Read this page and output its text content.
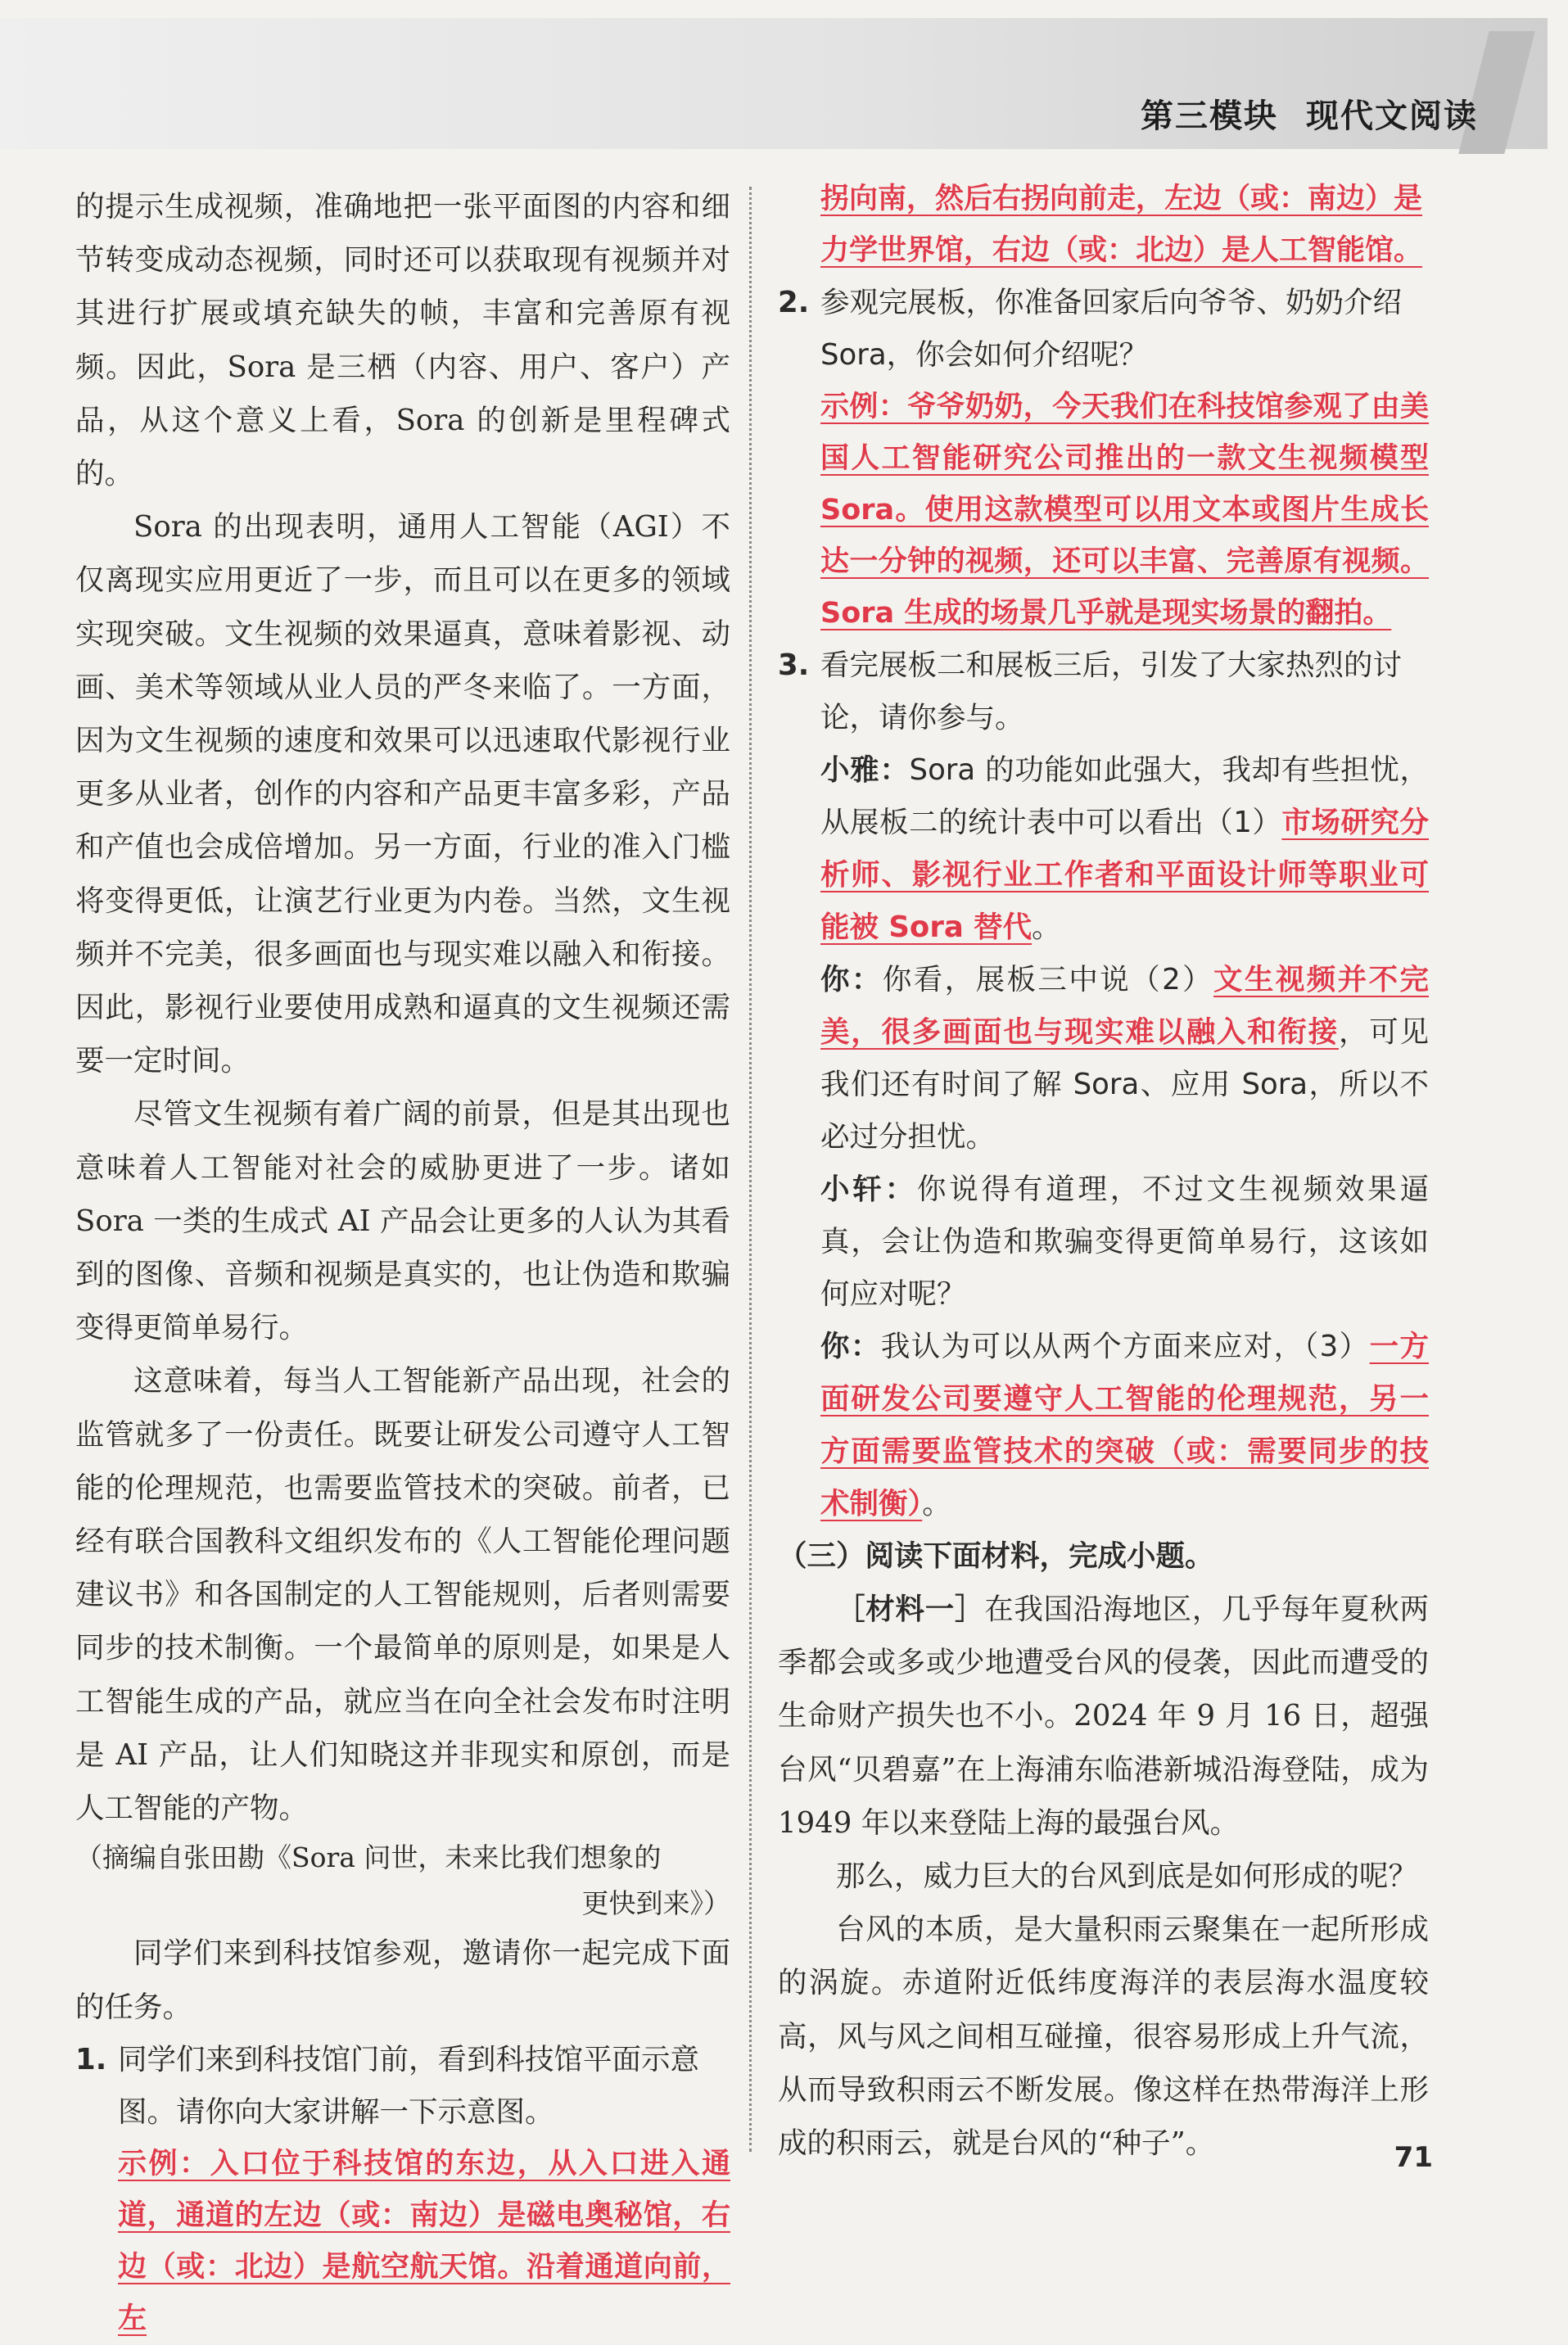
第三模块 现代文阅读

的提示生成视频，准确地把一张平面图的内容和细节转变成动态视频，同时还可以获取现有视频并对其进行扩展或填充缺失的帧，丰富和完善原有视频。因此，Sora 是三栖（内容、用户、客户）产品，从这个意义上看，Sora 的创新是里程碑式的。

Sora 的出现表明，通用人工智能（AGI）不仅离现实应用更近了一步，而且可以在更多的领域实现突破。文生视频的效果逼真，意味着影视、动画、美术等领域从业人员的严冬来临了。一方面，因为文生视频的速度和效果可以迅速取代影视行业更多从业者，创作的内容和产品更丰富多彩，产品和产值也会成倍增加。另一方面，行业的准入门槛将变得更低，让演艺行业更为内卷。当然，文生视频并不完美，很多画面也与现实难以融入和衔接。因此，影视行业要使用成熟和逼真的文生视频还需要一定时间。

尽管文生视频有着广阔的前景，但是其出现也意味着人工智能对社会的威胁更进了一步。诸如 Sora 一类的生成式 AI 产品会让更多的人认为其看到的图像、音频和视频是真实的，也让伪造和欺骗变得更简单易行。

这意味着，每当人工智能新产品出现，社会的监管就多了一份责任。既要让研发公司遵守人工智能的伦理规范，也需要监管技术的突破。前者，已经有联合国教科文组织发布的《人工智能伦理问题建议书》和各国制定的人工智能规则，后者则需要同步的技术制衡。一个最简单的原则是，如果是人工智能生成的产品，就应当在向全社会发布时注明是 AI 产品，让人们知晓这并非现实和原创，而是人工智能的产物。

（摘编自张田勘《Sora 问世，未来比我们想象的

更快到来》）

同学们来到科技馆参观，邀请你一起完成下面的任务。

1. 同学们来到科技馆门前，看到科技馆平面示意图。请你向大家讲解一下示意图。

示例：入口位于科技馆的东边，从入口进入通道，通道的左边（或：南边）是磁电奥秘馆，右边（或：北边）是航空航天馆。沿着通道向前，左

拐向南，然后右拐向前走，左边（或：南边）是力学世界馆，右边（或：北边）是人工智能馆。

2. 参观完展板，你准备回家后向爷爷、奶奶介绍 Sora，你会如何介绍呢？

示例：爷爷奶奶，今天我们在科技馆参观了由美国人工智能研究公司推出的一款文生视频模型 Sora。使用这款模型可以用文本或图片生成长达一分钟的视频，还可以丰富、完善原有视频。Sora 生成的场景几乎就是现实场景的翻拍。

3. 看完展板二和展板三后，引发了大家热烈的讨论，请你参与。

小雅：Sora 的功能如此强大，我却有些担忧，从展板二的统计表中可以看出（1）市场研究分析师、影视行业工作者和平面设计师等职业可能被 Sora 替代。

你：你看，展板三中说（2）文生视频并不完美，很多画面也与现实难以融入和衔接，可见我们还有时间了解 Sora、应用 Sora，所以不必过分担忧。

小轩：你说得有道理，不过文生视频效果逼真，会让伪造和欺骗变得更简单易行，这该如何应对呢？

你：我认为可以从两个方面来应对，（3）一方面研发公司要遵守人工智能的伦理规范，另一方面需要监管技术的突破（或：需要同步的技术制衡）。

（三）阅读下面材料，完成小题。

［材料一］在我国沿海地区，几乎每年夏秋两季都会或多或少地遭受台风的侵袭，因此而遭受的生命财产损失也不小。2024 年 9 月 16 日，超强台风“贝碧嘉”在上海浦东临港新城沿海登陆，成为 1949 年以来登陆上海的最强台风。

那么，威力巨大的台风到底是如何形成的呢？

台风的本质，是大量积雨云聚集在一起所形成的涡旋。赤道附近低纬度海洋的表层海水温度较高，风与风之间相互碰撞，很容易形成上升气流，从而导致积雨云不断发展。像这样在热带海洋上形成的积雨云，就是台风的“种子”。	71
